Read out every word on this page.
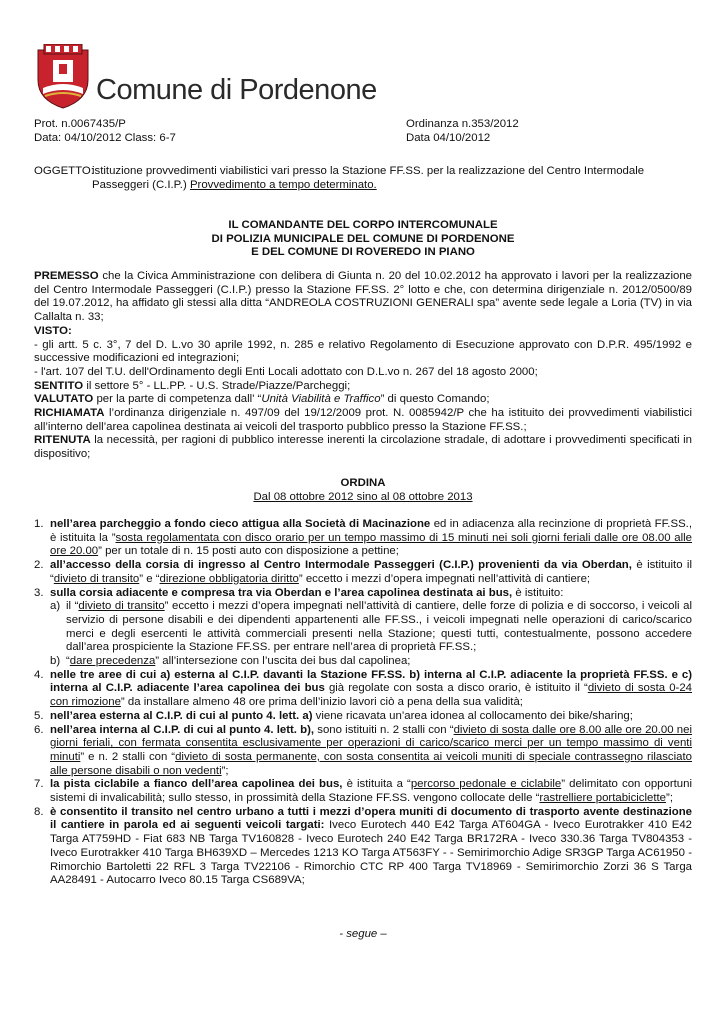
Comune di Pordenone
Prot. n.0067435/P
Data: 04/10/2012 Class: 6-7
Ordinanza n.353/2012
Data 04/10/2012
OGGETTO:istituzione provvedimenti viabilistici vari presso la Stazione FF.SS. per la realizzazione del Centro Intermodale
Passeggeri (C.I.P.) Provvedimento a tempo determinato.
IL COMANDANTE DEL CORPO INTERCOMUNALE
DI POLIZIA MUNICIPALE DEL COMUNE DI PORDENONE
E DEL COMUNE DI ROVEREDO IN PIANO
PREMESSO che la Civica Amministrazione con delibera di Giunta n. 20 del 10.02.2012 ha approvato i lavori per la realizzazione del Centro Intermodale Passeggeri (C.I.P.) presso la Stazione FF.SS. 2° lotto e che, con determina dirigenziale n. 2012/0500/89 del 19.07.2012, ha affidato gli stessi alla ditta “ANDREOLA COSTRUZIONI GENERALI spa” avente sede legale a Loria (TV) in via Callalta n. 33;
VISTO:
- gli artt. 5 c. 3°, 7 del D. L.vo 30 aprile 1992, n. 285 e relativo Regolamento di Esecuzione approvato con D.P.R. 495/1992 e successive modificazioni ed integrazioni;
- l'art. 107 del T.U. dell'Ordinamento degli Enti Locali adottato con D.L.vo n. 267 del 18 agosto 2000;
SENTITO il settore 5° - LL.PP. - U.S. Strade/Piazze/Parcheggi;
VALUTATO per la parte di competenza dall' “Unità Viabilità e Traffico” di questo Comando;
RICHIAMATA l’ordinanza dirigenziale n. 497/09 del 19/12/2009 prot. N. 0085942/P che ha istituito dei provvedimenti viabilistici all’interno dell’area capolinea destinata ai veicoli del trasporto pubblico presso la Stazione FF.SS.;
RITENUTA la necessità, per ragioni di pubblico interesse inerenti la circolazione stradale, di adottare i provvedimenti specificati in dispositivo;
ORDINA
Dal 08 ottobre 2012 sino al 08 ottobre 2013
1. nell’area parcheggio a fondo cieco attigua alla Società di Macinazione ed in adiacenza alla recinzione di proprietà FF.SS., è istituita la ”sosta regolamentata con disco orario per un tempo massimo di 15 minuti nei soli giorni feriali dalle ore 08.00 alle ore 20.00” per un totale di n. 15 posti auto con disposizione a pettine;
2. all’accesso della corsia di ingresso al Centro Intermodale Passeggeri (C.I.P.) provenienti da via Oberdan, è istituito il “divieto di transito” e “direzione obbligatoria diritto” eccetto i mezzi d’opera impegnati nell’attività di cantiere;
3. sulla corsia adiacente e compresa tra via Oberdan e l’area capolinea destinata ai bus, è istituito:
a) il “divieto di transito” eccetto i mezzi d’opera impegnati nell’attività di cantiere, delle forze di polizia e di soccorso, i veicoli al servizio di persone disabili e dei dipendenti appartenenti alle FF.SS., i veicoli impegnati nelle operazioni di carico/scarico merci e degli esercenti le attività commerciali presenti nella Stazione; questi tutti, contestualmente, possono accedere dall’area prospiciente la Stazione FF.SS. per entrare nell’area di proprietà FF.SS.;
b) “dare precedenza” all’intersezione con l’uscita dei bus dal capolinea;
4. nelle tre aree di cui a) esterna al C.I.P. davanti la Stazione FF.SS. b) interna al C.I.P. adiacente la proprietà FF.SS. e c) interna al C.I.P. adiacente l’area capolinea dei bus già regolate con sosta a disco orario, è istituito il “divieto di sosta 0-24 con rimozione” da installare almeno 48 ore prima dell’inizio lavori ciò a pena della sua validità;
5. nell’area esterna al C.I.P. di cui al punto 4. lett. a) viene ricavata un’area idonea al collocamento dei bike/sharing;
6. nell’area interna al C.I.P. di cui al punto 4. lett. b), sono istituiti n. 2 stalli con “divieto di sosta dalle ore 8.00 alle ore 20.00 nei giorni feriali, con fermata consentita esclusivamente per operazioni di carico/scarico merci per un tempo massimo di venti minuti” e n. 2 stalli con “divieto di sosta permanente, con sosta consentita ai veicoli muniti di speciale contrassegno rilasciato alle persone disabili o non vedenti”;
7. la pista ciclabile a fianco dell’area capolinea dei bus, è istituita a “percorso pedonale e ciclabile” delimitato con opportuni sistemi di invalicabilità; sullo stesso, in prossimità della Stazione FF.SS. vengono collocate delle “rastrelliere portabiciclette”;
8. è consentito il transito nel centro urbano a tutti i mezzi d’opera muniti di documento di trasporto avente destinazione il cantiere in parola ed ai seguenti veicoli targati: Iveco Eurotech 440 E42 Targa AT604GA - Iveco Eurotrakker 410 E42 Targa AT759HD - Fiat 683 NB Targa TV160828 - Iveco Eurotech 240 E42 Targa BR172RA - Iveco 330.36 Targa TV804353 - Iveco Eurotrakker 410 Targa BH639XD – Mercedes 1213 KO Targa AT563FY - - Semirimorchio Adige SR3GP Targa AC61950 - Rimorchio Bartoletti 22 RFL 3 Targa TV22106 - Rimorchio CTC RP 400 Targa TV18969 - Semirimorchio Zorzi 36 S Targa AA28491 - Autocarro Iveco 80.15 Targa CS689VA;
- segue –
